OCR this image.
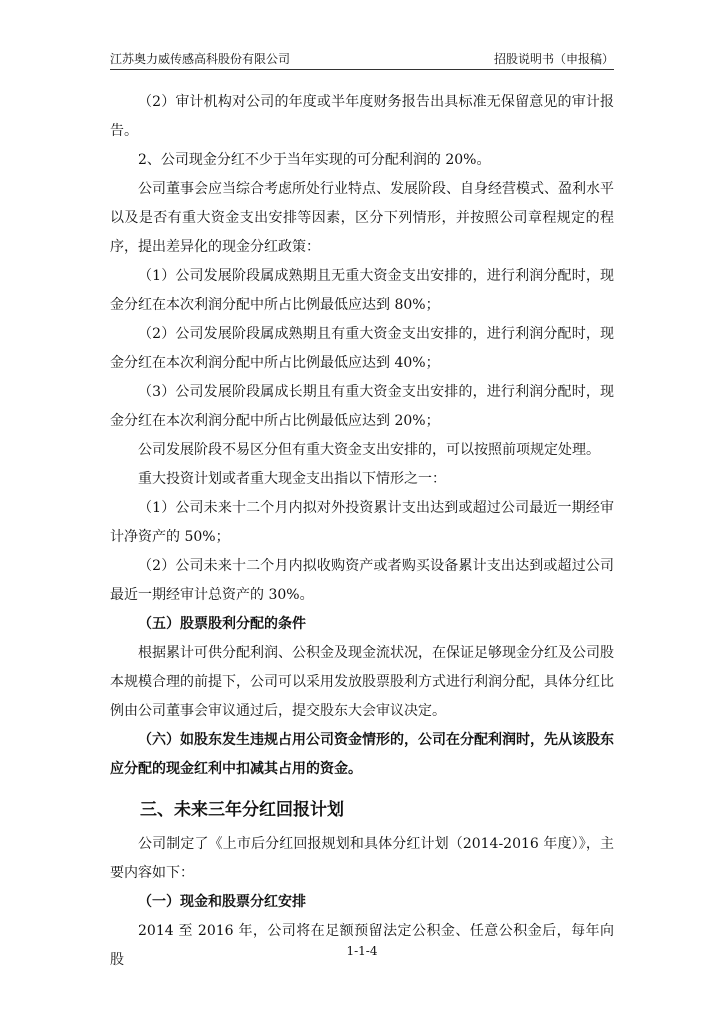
江苏奥力威传感高科股份有限公司	招股说明书（申报稿）

（2）审计机构对公司的年度或半年度财务报告出具标准无保留意见的审计报告。

2、公司现金分红不少于当年实现的可分配利润的 20%。

公司董事会应当综合考虑所处行业特点、发展阶段、自身经营模式、盈利水平以及是否有重大资金支出安排等因素，区分下列情形，并按照公司章程规定的程序，提出差异化的现金分红政策：

（1）公司发展阶段属成熟期且无重大资金支出安排的，进行利润分配时，现金分红在本次利润分配中所占比例最低应达到 80%；

（2）公司发展阶段属成熟期且有重大资金支出安排的，进行利润分配时，现金分红在本次利润分配中所占比例最低应达到 40%；

（3）公司发展阶段属成长期且有重大资金支出安排的，进行利润分配时，现金分红在本次利润分配中所占比例最低应达到 20%；

公司发展阶段不易区分但有重大资金支出安排的，可以按照前项规定处理。

重大投资计划或者重大现金支出指以下情形之一：

（1）公司未来十二个月内拟对外投资累计支出达到或超过公司最近一期经审计净资产的 50%；

（2）公司未来十二个月内拟收购资产或者购买设备累计支出达到或超过公司最近一期经审计总资产的 30%。

（五）股票股利分配的条件

根据累计可供分配利润、公积金及现金流状况，在保证足够现金分红及公司股本规模合理的前提下，公司可以采用发放股票股利方式进行利润分配，具体分红比例由公司董事会审议通过后，提交股东大会审议决定。

（六）如股东发生违规占用公司资金情形的，公司在分配利润时，先从该股东应分配的现金红利中扣减其占用的资金。

三、未来三年分红回报计划

公司制定了《上市后分红回报规划和具体分红计划（2014-2016 年度）》，主要内容如下：

（一）现金和股票分红安排

2014 至 2016 年，公司将在足额预留法定公积金、任意公积金后，每年向股

1-1-4
